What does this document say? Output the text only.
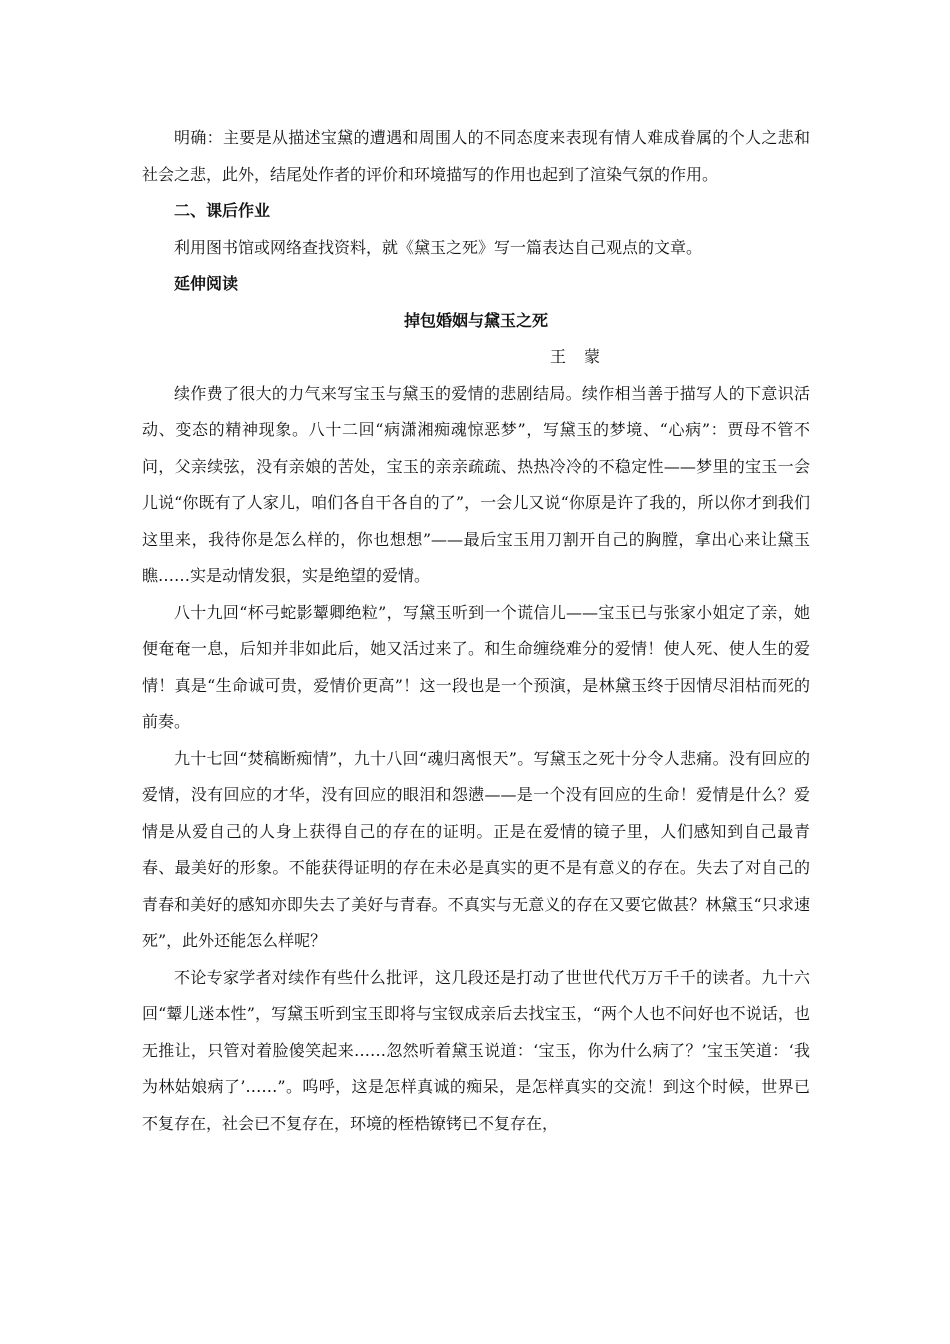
明确：主要是从描述宝黛的遭遇和周围人的不同态度来表现有情人难成眷属的个人之悲和社会之悲，此外，结尾处作者的评价和环境描写的作用也起到了渲染气氛的作用。

二、课后作业

利用图书馆或网络查找资料，就《黛玉之死》写一篇表达自己观点的文章。

延伸阅读

掉包婚姻与黛玉之死

王　蒙

续作费了很大的力气来写宝玉与黛玉的爱情的悲剧结局。续作相当善于描写人的下意识活动、变态的精神现象。八十二回“病潇湘痴魂惊恶梦”，写黛玉的梦境、“心病”：贾母不管不问，父亲续弦，没有亲娘的苦处，宝玉的亲亲疏疏、热热冷冷的不稳定性——梦里的宝玉一会儿说“你既有了人家儿，咱们各自干各自的了”，一会儿又说“你原是许了我的，所以你才到我们这里来，我待你是怎么样的，你也想想”——最后宝玉用刀割开自己的胸膛，拿出心来让黛玉瞧……实是动情发狠，实是绝望的爱情。

八十九回“杯弓蛇影颦卿绝粒”，写黛玉听到一个谎信儿——宝玉已与张家小姐定了亲，她便奄奄一息，后知并非如此后，她又活过来了。和生命缠绕难分的爱情！使人死、使人生的爱情！真是“生命诚可贵，爱情价更高”！这一段也是一个预演，是林黛玉终于因情尽泪枯而死的前奏。

九十七回“焚稿断痴情”，九十八回“魂归离恨天”。写黛玉之死十分令人悲痛。没有回应的爱情，没有回应的才华，没有回应的眼泪和怨懑——是一个没有回应的生命！爱情是什么？爱情是从爱自己的人身上获得自己的存在的证明。正是在爱情的镜子里，人们感知到自己最青春、最美好的形象。不能获得证明的存在未必是真实的更不是有意义的存在。失去了对自己的青春和美好的感知亦即失去了美好与青春。不真实与无意义的存在又要它做甚？林黛玉“只求速死”，此外还能怎么样呢？

不论专家学者对续作有些什么批评，这几段还是打动了世世代代万万千千的读者。九十六回“颦儿迷本性”，写黛玉听到宝玉即将与宝钗成亲后去找宝玉，“两个人也不问好也不说话，也无推让，只管对着脸傻笑起来……忽然听着黛玉说道：‘宝玉，你为什么病了？’宝玉笑道：‘我为林姑娘病了’……”。呜呼，这是怎样真诚的痴呆，是怎样真实的交流！到这个时候，世界已不复存在，社会已不复存在，环境的桎梏镣铐已不复存在，
